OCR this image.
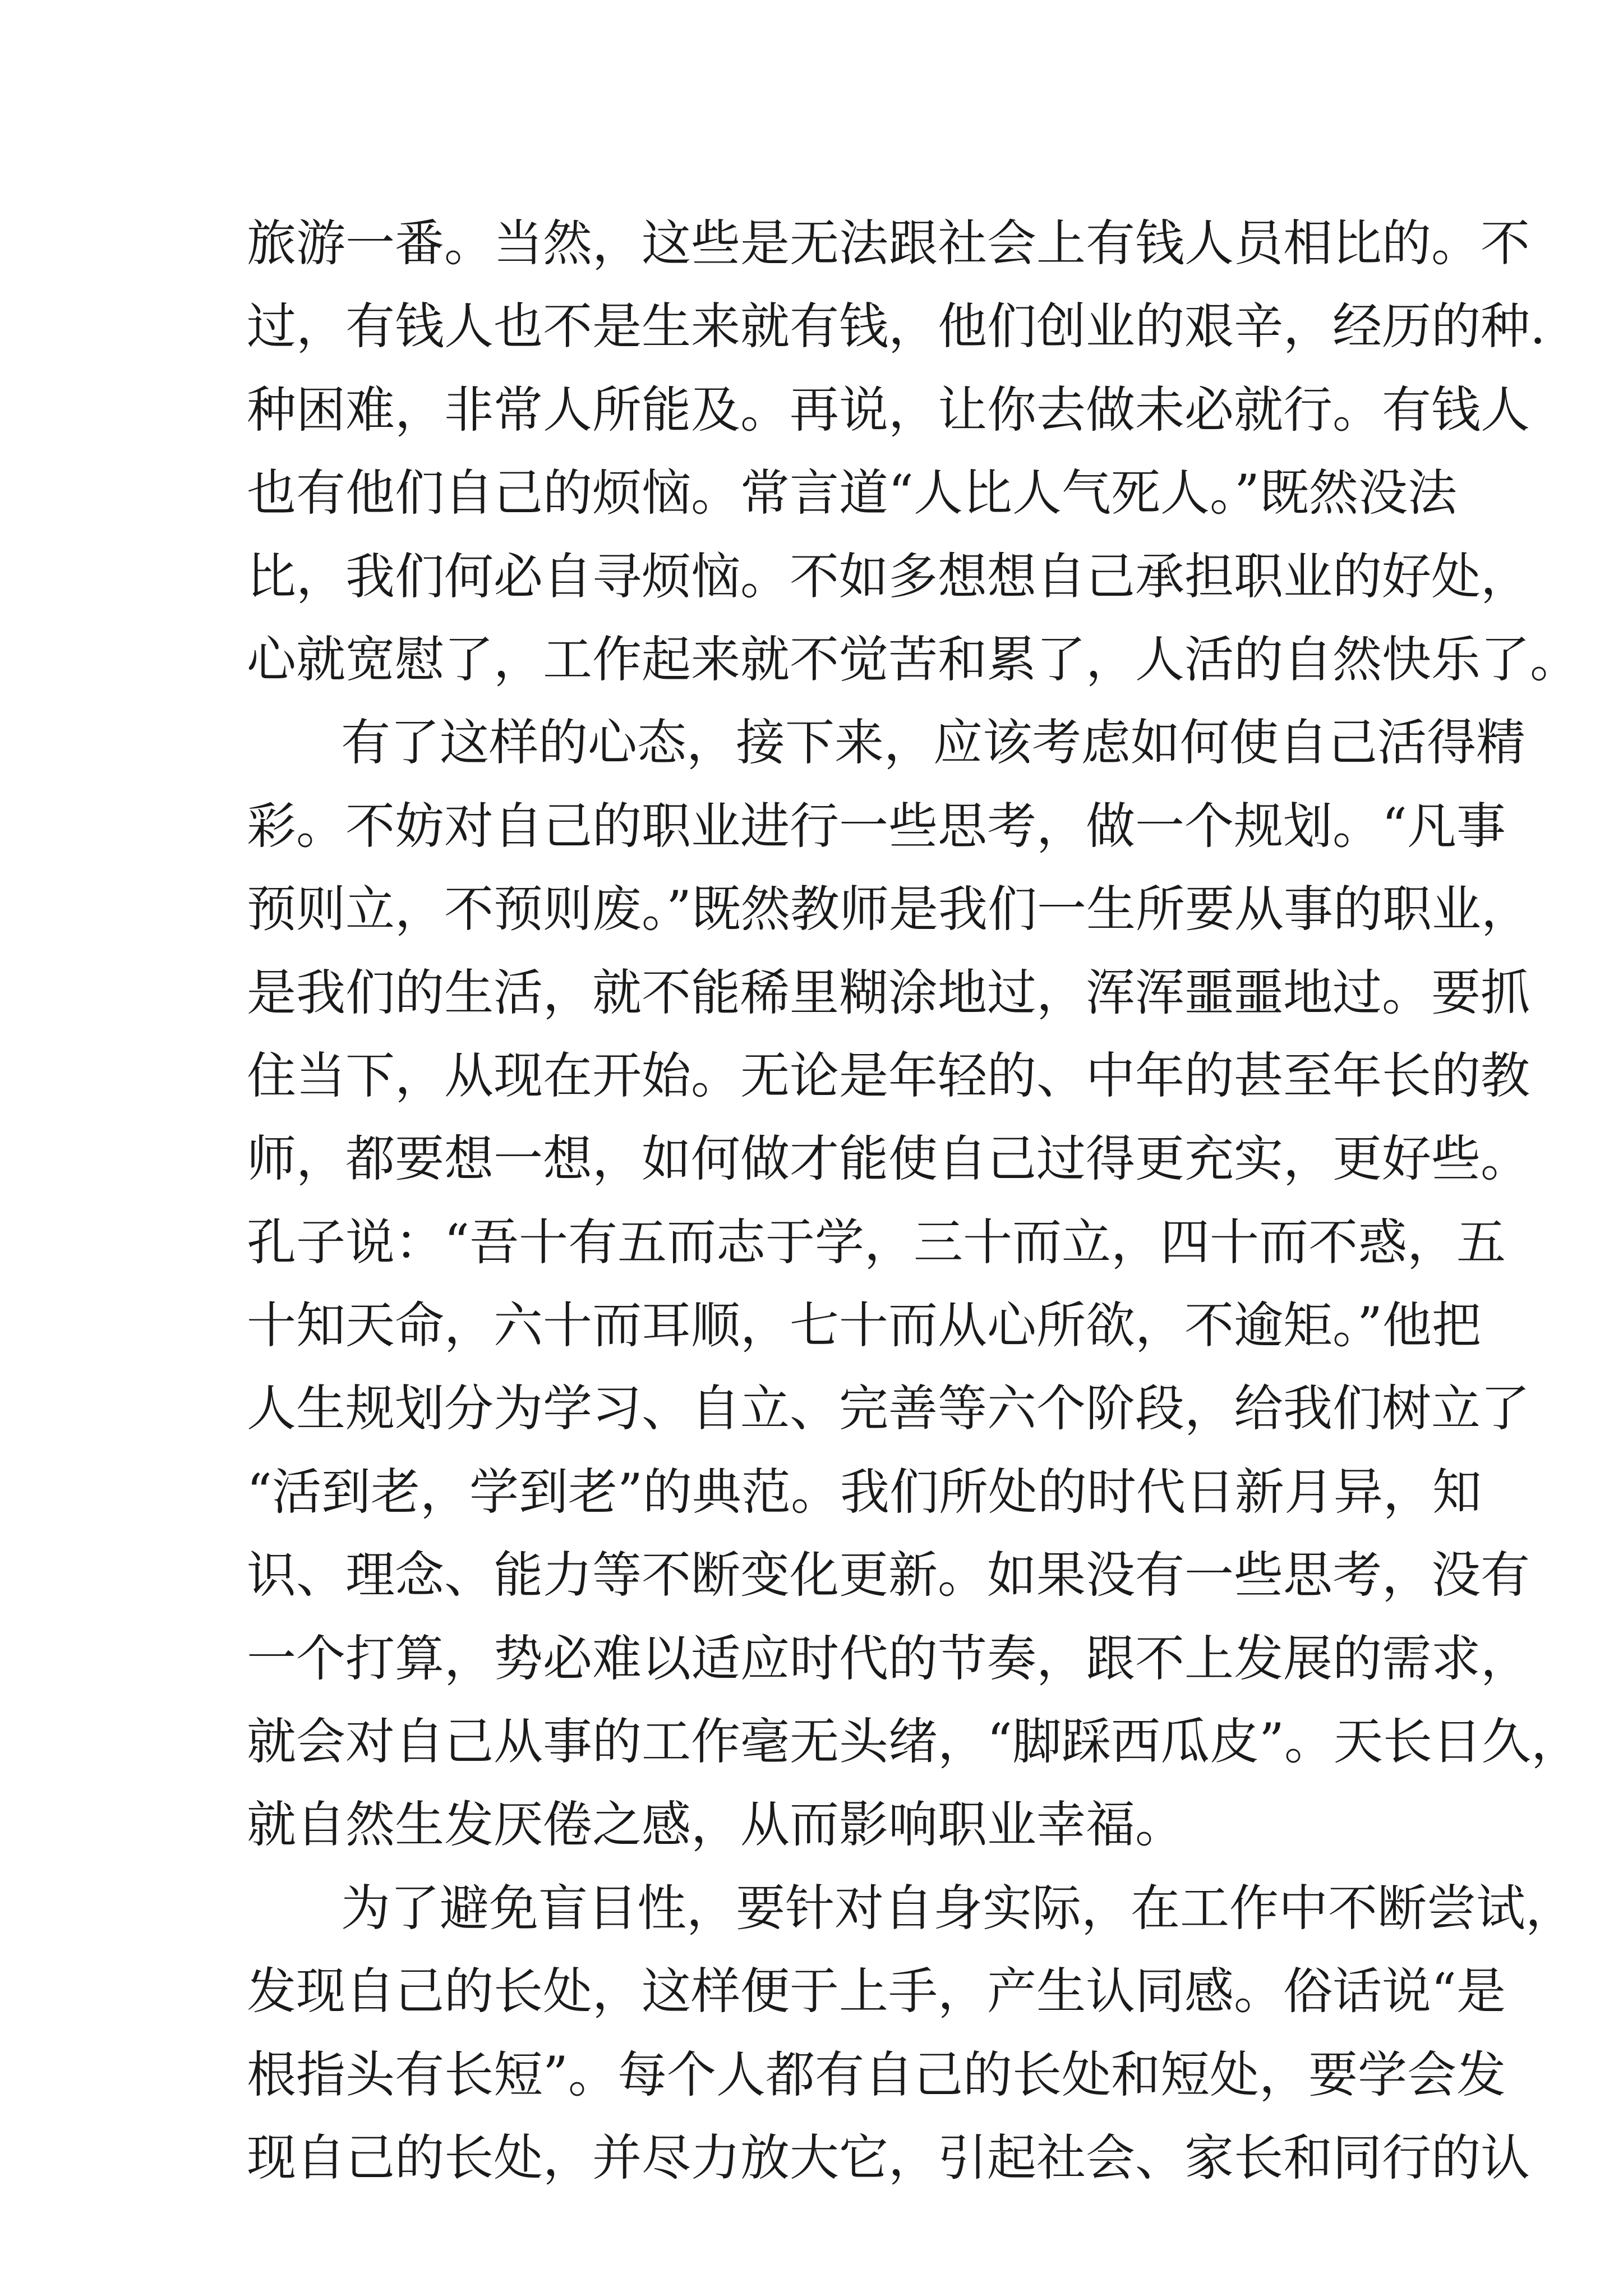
旅游一番。当然，这些是无法跟社会上有钱人员相比的。不
过，有钱人也不是生来就有钱，他们创业的艰辛，经历的种.
种困难，非常人所能及。再说，让你去做未必就行。有钱人
也有他们自己的烦恼。常言道“人比人气死人。”既然没法
比，我们何必自寻烦恼。不如多想想自己承担职业的好处，
心就宽慰了，工作起来就不觉苦和累了，人活的自然快乐了。
有了这样的心态，接下来，应该考虑如何使自己活得精
彩。不妨对自己的职业进行一些思考，做一个规划。“凡事
预则立，不预则废。”既然教师是我们一生所要从事的职业，
是我们的生活，就不能稀里糊涂地过，浑浑噩噩地过。要抓
住当下，从现在开始。无论是年轻的、中年的甚至年长的教
师，都要想一想，如何做才能使自己过得更充实，更好些。
孔子说：“吾十有五而志于学，三十而立，四十而不惑，五
十知天命，六十而耳顺，七十而从心所欲，不逾矩。”他把
人生规划分为学习、自立、完善等六个阶段，给我们树立了
“活到老，学到老”的典范。我们所处的时代日新月异，知
识、理念、能力等不断变化更新。如果没有一些思考，没有
一个打算，势必难以适应时代的节奏，跟不上发展的需求，
就会对自己从事的工作毫无头绪，“脚踩西瓜皮”。天长日久，
就自然生发厌倦之感，从而影响职业幸福。
为了避免盲目性，要针对自身实际，在工作中不断尝试，
发现自己的长处，这样便于上手，产生认同感。俗话说“是
根指头有长短”。每个人都有自己的长处和短处，要学会发
现自己的长处，并尽力放大它，引起社会、家长和同行的认
